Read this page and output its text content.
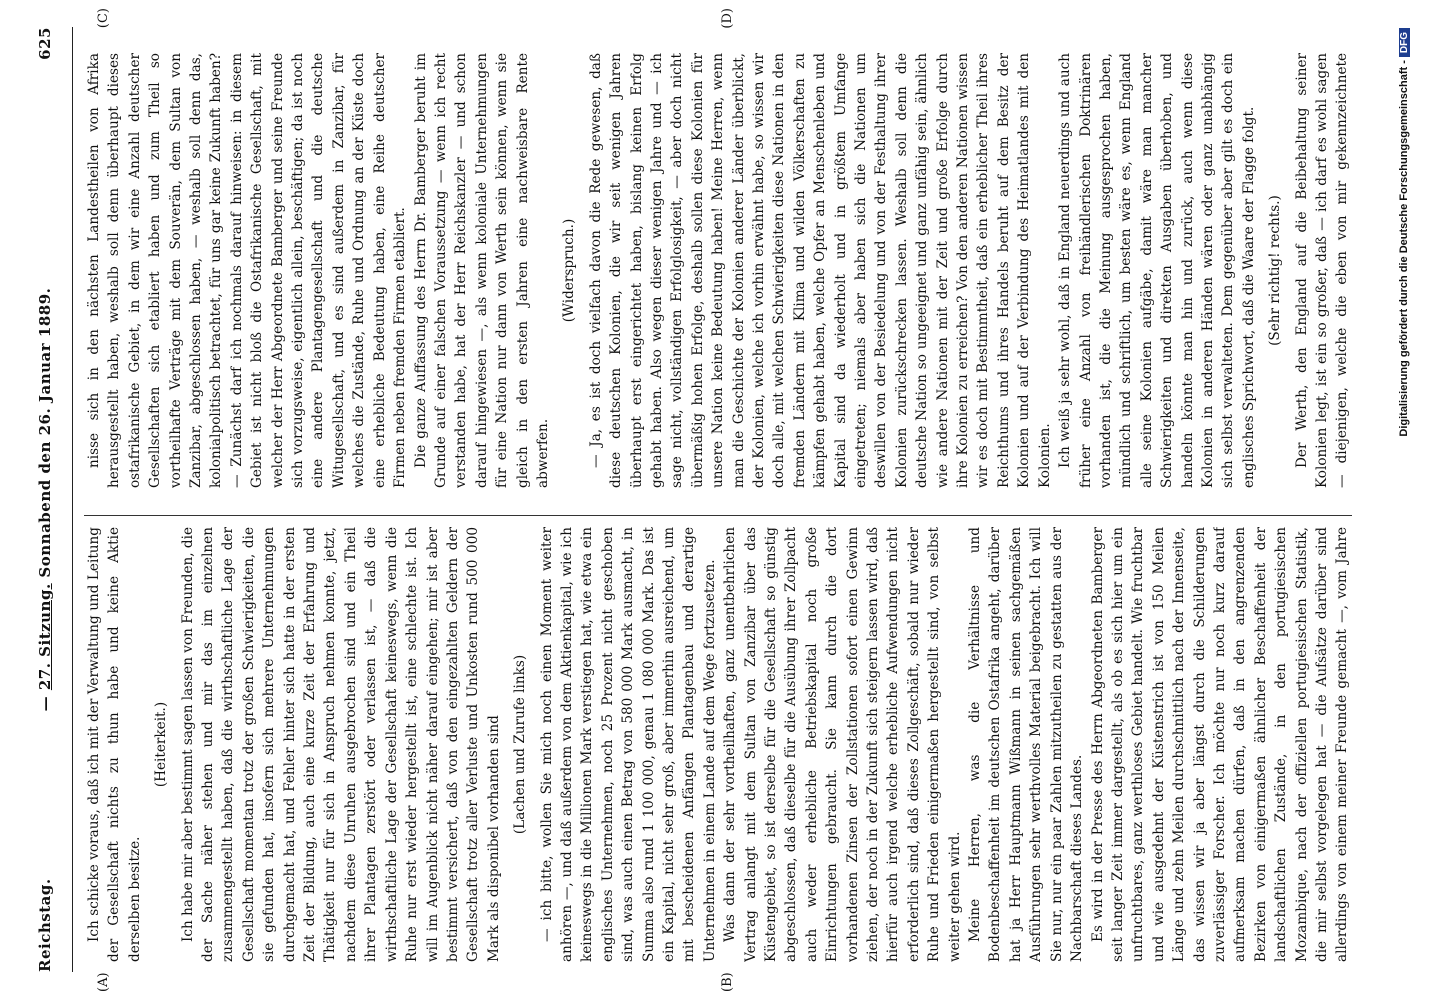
Reichstag.
— 27. Sitzung. Sonnabend den 26. Januar 1889.
625
(A)	(B)
(C)	(D)

Ich schicke voraus, daß ich mit der Verwaltung und Leitung der Gesellschaft nichts zu thun habe und keine Aktie derselben besitze.

(Heiterkeit.) Ich habe mir aber bestimmt sagen lassen von Freunden, die der Sache näher stehen und mir das im einzelnen zusammengestellt haben, daß die wirthschaftliche Lage der Gesellschaft momentan trotz der großen Schwierigkeiten, die sie gefunden hat, insofern sich mehrere Unternehmungen durchgemacht hat, und Fehler hinter sich hatte in der ersten Zeit der Bildung, auch eine kurze Zeit der Erfahrung und Thätigkeit nur für sich in Anspruch nehmen konnte, jetzt, nachdem diese Unruhen ausgebrochen sind und ein Theil ihrer Plantagen zerstört oder verlassen ist, — daß die wirthschaftliche Lage der Gesellschaft keineswegs, wenn die Ruhe nur erst wieder hergestellt ist, eine schlechte ist. Ich will im Augenblick nicht näher darauf eingehen; mir ist aber bestimmt versichert, daß von den eingezahlten Geldern der Gesellschaft trotz aller Verluste und Unkosten rund 500 000 Mark als disponibel vorhanden sind (Lachen und Zurufe links) — ich bitte, wollen Sie mich noch einen Moment weiter anhören —, und daß außerdem von dem Aktienkapital, wie ich keineswegs in die Millionen Mark verstiegen hat, wie etwa ein englisches Unternehmen, noch 25 Prozent nicht geschoben sind, was auch einen Betrag von 580 000 Mark ausmacht, in Summa also rund 1 100 000, genau 1 080 000 Mark. Das ist ein Kapital, nicht sehr groß, aber immerhin ausreichend, um mit bescheidenen Anfängen Plantagenbau und derartige Unternehmen in einem Lande auf dem Wege fortzusetzen. Was dann der sehr vortheilhaften, ganz unentbehrlichen Vertrag anlangt mit dem Sultan von Zanzibar über das Küstengebiet, so ist derselbe für die Gesellschaft so günstig abgeschlossen, daß dieselbe für die Ausübung ihrer Zollpacht auch weder erhebliche Betriebskapital noch große Einrichtungen gebraucht. Sie kann durch die dort vorhandenen Zinsen der Zollstationen sofort einen Gewinn ziehen, der noch in der Zukunft sich steigern lassen wird, daß hierfür auch irgend welche erhebliche Aufwendungen nicht erforderlich sind, daß dieses Zollgeschäft, sobald nur wieder Ruhe und Frieden einigermaßen hergestellt sind, von selbst weiter gehen wird. Meine Herren, was die Verhältnisse und Bodenbeschaffenheit im deutschen Ostafrika angeht, darüber hat ja Herr Hauptmann Wißmann in seinen sachgemäßen Ausführungen sehr werthvolles Material beigebracht. Ich will Sie nur, nur ein paar Zahlen mitzutheilen zu gestatten aus der Nachbarschaft dieses Landes. Es wird in der Presse des Herrn Abgeordneten Bamberger seit langer Zeit immer dargestellt, als ob es sich hier um ein unfruchtbares, ganz werthloses Gebiet handelt. Wie fruchtbar und wie ausgedehnt der Küstenstrich ist von 150 Meilen Länge und zehn Meilen durchschnittlich nach der Innenseite, das wissen wir ja aber längst durch die Schilderungen zuverlässiger Forscher. Ich möchte nur noch kurz darauf aufmerksam machen dürfen, daß in den angrenzenden Bezirken von einigermaßen ähnlicher Beschaffenheit der landschaftlichen Zustände, in den portugiesischen Mozambique, nach der offiziellen portugiesischen Statistik, die mir selbst vorgelegen hat — die Aufsätze darüber sind allerdings von einem meiner Freunde gemacht —, vom Jahre

nisse sich in den nächsten Landestheilen von Afrika herausgestellt haben, weshalb soll denn überhaupt dieses ostafrikanische Gebiet, in dem wir eine Anzahl deutscher Gesellschaften sich etabliert haben und zum Theil so vortheilhafte Verträge mit dem Souverän, dem Sultan von Zanzibar, abgeschlossen haben, — weshalb soll denn das, kolonialpolitisch betrachtet, für uns gar keine Zukunft haben? — Zunächst darf ich nochmals darauf hinweisen: in diesem Gebiet ist nicht bloß die Ostafrikanische Gesellschaft, mit welcher der Herr Abgeordnete Bamberger und seine Freunde sich vorzugsweise, eigentlich allein, beschäftigen; da ist noch eine andere Plantagengesellschaft und die deutsche Witugesellschaft, und es sind außerdem in Zanzibar, für welches die Zustände, Ruhe und Ordnung an der Küste doch eine erhebliche Bedeutung haben, eine Reihe deutscher Firmen neben fremden Firmen etabliert. Die ganze Auffassung des Herrn Dr. Bamberger beruht im Grunde auf einer falschen Voraussetzung — wenn ich recht verstanden habe, hat der Herr Reichskanzler — und schon darauf hingewiesen —, als wenn koloniale Unternehmungen für eine Nation nur dann von Werth sein können, wenn sie gleich in den ersten Jahren eine nachweisbare Rente abwerfen.

(Widerspruch.) — Ja, es ist doch vielfach davon die Rede gewesen, daß diese deutschen Kolonien, die wir seit wenigen Jahren überhaupt erst eingerichtet haben, bislang keinen Erfolg gehabt haben. Also wegen dieser wenigen Jahre und — ich sage nicht, vollständigen Erfolglosigkeit, — aber doch nicht übermäßig hohen Erfolge, deshalb sollen diese Kolonien für unsere Nation keine Bedeutung haben! Meine Herren, wenn man die Geschichte der Kolonien anderer Länder überblickt, der Kolonien, welche ich vorhin erwähnt habe, so wissen wir doch alle, mit welchen Schwierigkeiten diese Nationen in den fremden Ländern mit Klima und wilden Völkerschaften zu kämpfen gehabt haben, welche Opfer an Menschenleben und Kapital sind da wiederholt und in größtem Umfange eingetreten; niemals aber haben sich die Nationen um deswillen von der Besiedelung und von der Festhaltung ihrer Kolonien zurückschrecken lassen. Weshalb soll denn die deutsche Nation so ungeeignet und ganz unfähig sein, ähnlich wie andere Nationen mit der Zeit und große Erfolge durch ihre Kolonien zu erreichen? Von den anderen Nationen wissen wir es doch mit Bestimmtheit, daß ein erheblicher Theil ihres Reichthums und ihres Handels beruht auf dem Besitz der Kolonien und auf der Verbindung des Heimatlandes mit den Kolonien. Ich weiß ja sehr wohl, daß in England neuerdings und auch früher eine Anzahl von freihändlerischen Doktrinären vorhanden ist, die die Meinung ausgesprochen haben, mündlich und schriftlich, um besten wäre es, wenn England alle seine Kolonien aufgäbe, damit wäre man mancher Schwierigkeiten und direkten Ausgaben überhoben, und handeln könnte man hin und zurück, auch wenn diese Kolonien in anderen Händen wären oder ganz unabhängig sich selbst verwalteten. Dem gegenüber aber gilt es doch ein englisches Sprichwort, daß die Waare der Flagge folgt. (Sehr richtig! rechts.)

Der Werth, den England auf die Beibehaltung seiner Kolonien legt, ist ein so großer, daß — ich darf es wohl sagen — diejenigen, welche die eben von mir gekennzeichnete	Digitalisierung gefördert durch die Deutsche Forschungsgemeinschaft -DFG
